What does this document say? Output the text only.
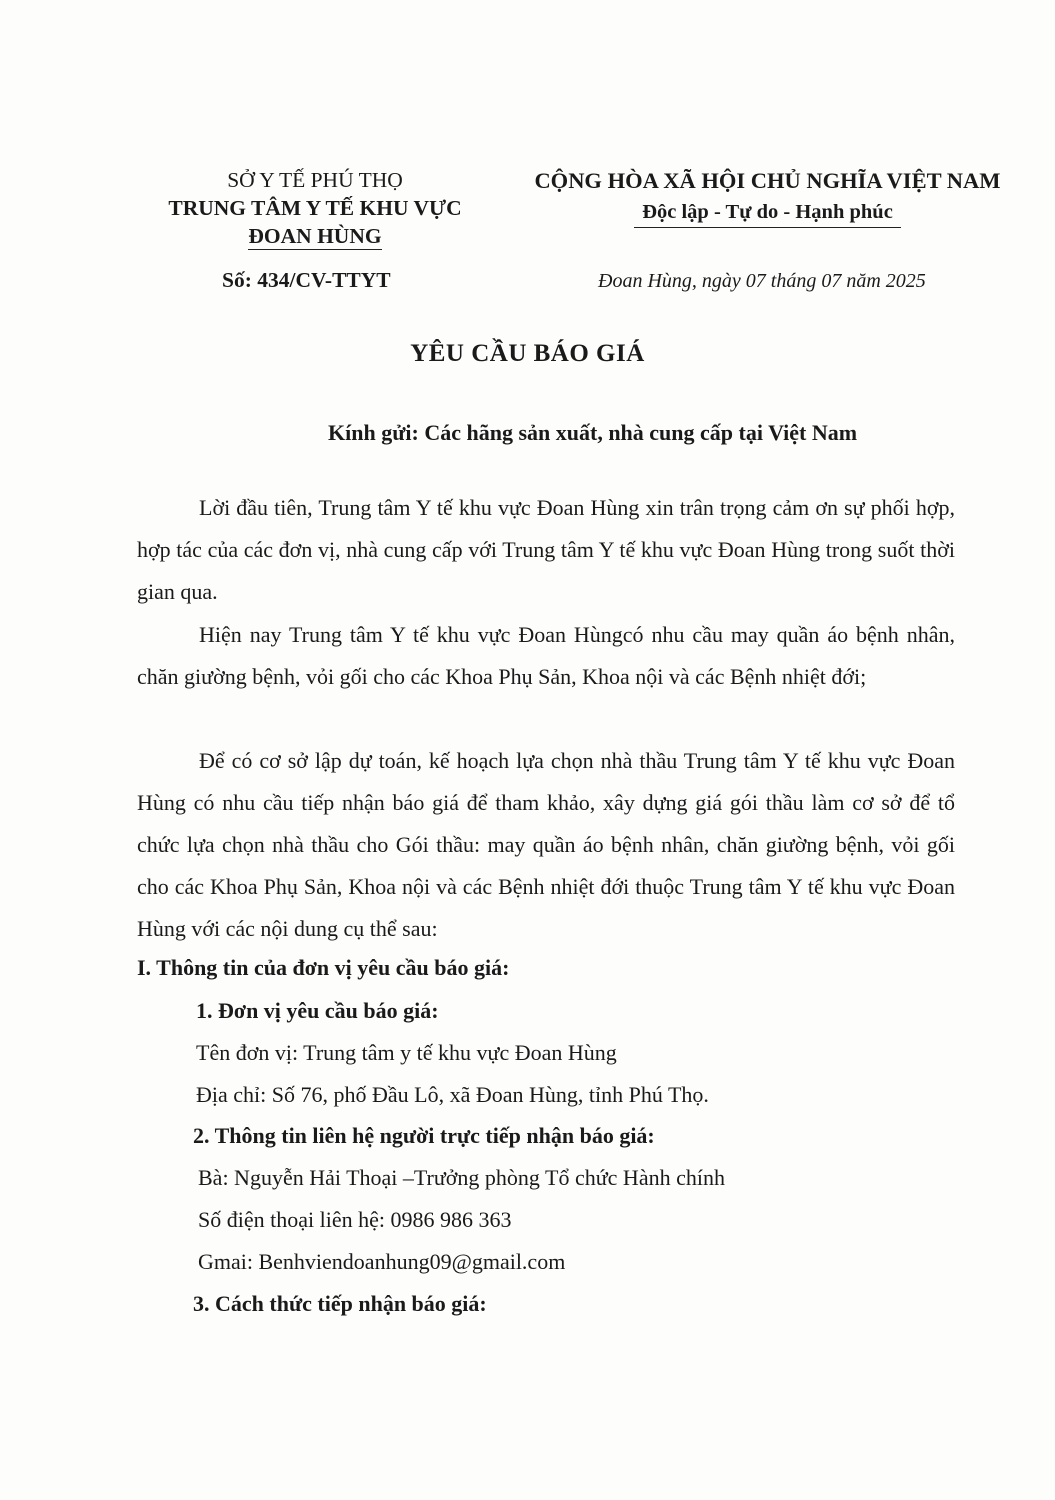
SỞ Y TẾ PHÚ THỌ
TRUNG TÂM Y TẾ KHU VỰC
ĐOAN HÙNG
CỘNG HÒA XÃ HỘI CHỦ NGHĨA VIỆT NAM
Độc lập - Tự do - Hạnh phúc
Số: 434/CV-TTYT	Đoan Hùng, ngày 07 tháng 07 năm 2025
YÊU CẦU BÁO GIÁ
Kính gửi: Các hãng sản xuất, nhà cung cấp tại Việt Nam
Lời đầu tiên, Trung tâm Y tế khu vực Đoan Hùng xin trân trọng cảm ơn sự phối hợp, hợp tác của các đơn vị, nhà cung cấp với Trung tâm Y tế khu vực Đoan Hùng trong suốt thời gian qua.
Hiện nay Trung tâm Y tế khu vực Đoan Hùngcó nhu cầu may quần áo bệnh nhân, chăn giường bệnh, vỏi gối cho các Khoa Phụ Sản, Khoa nội và các Bệnh nhiệt đới;
Để có cơ sở lập dự toán, kế hoạch lựa chọn nhà thầu Trung tâm Y tế khu vực Đoan Hùng có nhu cầu tiếp nhận báo giá để tham khảo, xây dựng giá gói thầu làm cơ sở để tổ chức lựa chọn nhà thầu cho Gói thầu: may quần áo bệnh nhân, chăn giường bệnh, vỏi gối cho các Khoa Phụ Sản, Khoa nội và các Bệnh nhiệt đới thuộc Trung tâm Y tế khu vực Đoan Hùng với các nội dung cụ thể sau:
I. Thông tin của đơn vị yêu cầu báo giá:
1. Đơn vị yêu cầu báo giá:
Tên đơn vị: Trung tâm y tế khu vực Đoan Hùng
Địa chỉ: Số 76, phố Đầu Lô, xã Đoan Hùng, tỉnh Phú Thọ.
2. Thông tin liên hệ người trực tiếp nhận báo giá:
Bà: Nguyễn Hải Thoại –Trưởng phòng Tổ chức Hành chính
Số điện thoại liên hệ: 0986 986 363
Gmai: Benhviendoanhung09@gmail.com
3. Cách thức tiếp nhận báo giá:
